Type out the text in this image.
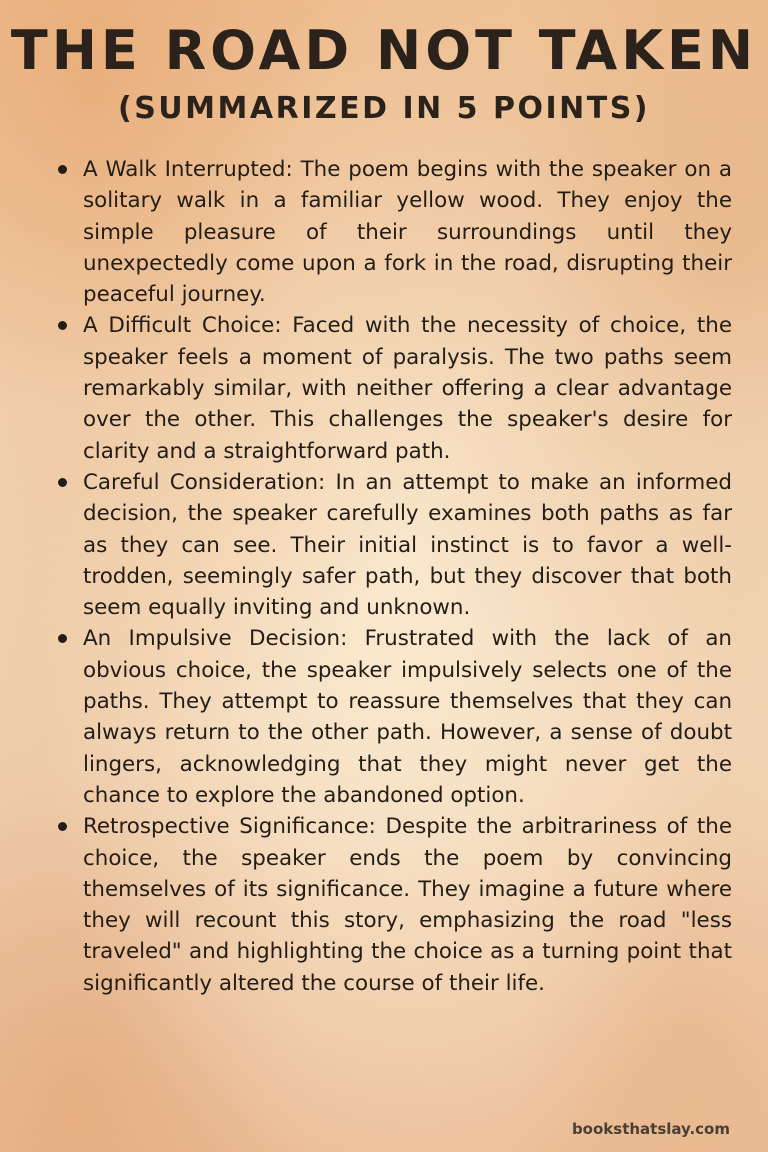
THE ROAD NOT TAKEN
(SUMMARIZED IN 5 POINTS)
A Walk Interrupted: The poem begins with the speaker on a solitary walk in a familiar yellow wood. They enjoy the simple pleasure of their surroundings until they unexpectedly come upon a fork in the road, disrupting their peaceful journey.
A Difficult Choice: Faced with the necessity of choice, the speaker feels a moment of paralysis. The two paths seem remarkably similar, with neither offering a clear advantage over the other. This challenges the speaker's desire for clarity and a straightforward path.
Careful Consideration: In an attempt to make an informed decision, the speaker carefully examines both paths as far as they can see. Their initial instinct is to favor a well-trodden, seemingly safer path, but they discover that both seem equally inviting and unknown.
An Impulsive Decision: Frustrated with the lack of an obvious choice, the speaker impulsively selects one of the paths. They attempt to reassure themselves that they can always return to the other path. However, a sense of doubt lingers, acknowledging that they might never get the chance to explore the abandoned option.
Retrospective Significance: Despite the arbitrariness of the choice, the speaker ends the poem by convincing themselves of its significance. They imagine a future where they will recount this story, emphasizing the road "less traveled" and highlighting the choice as a turning point that significantly altered the course of their life.
booksthatslay.com
